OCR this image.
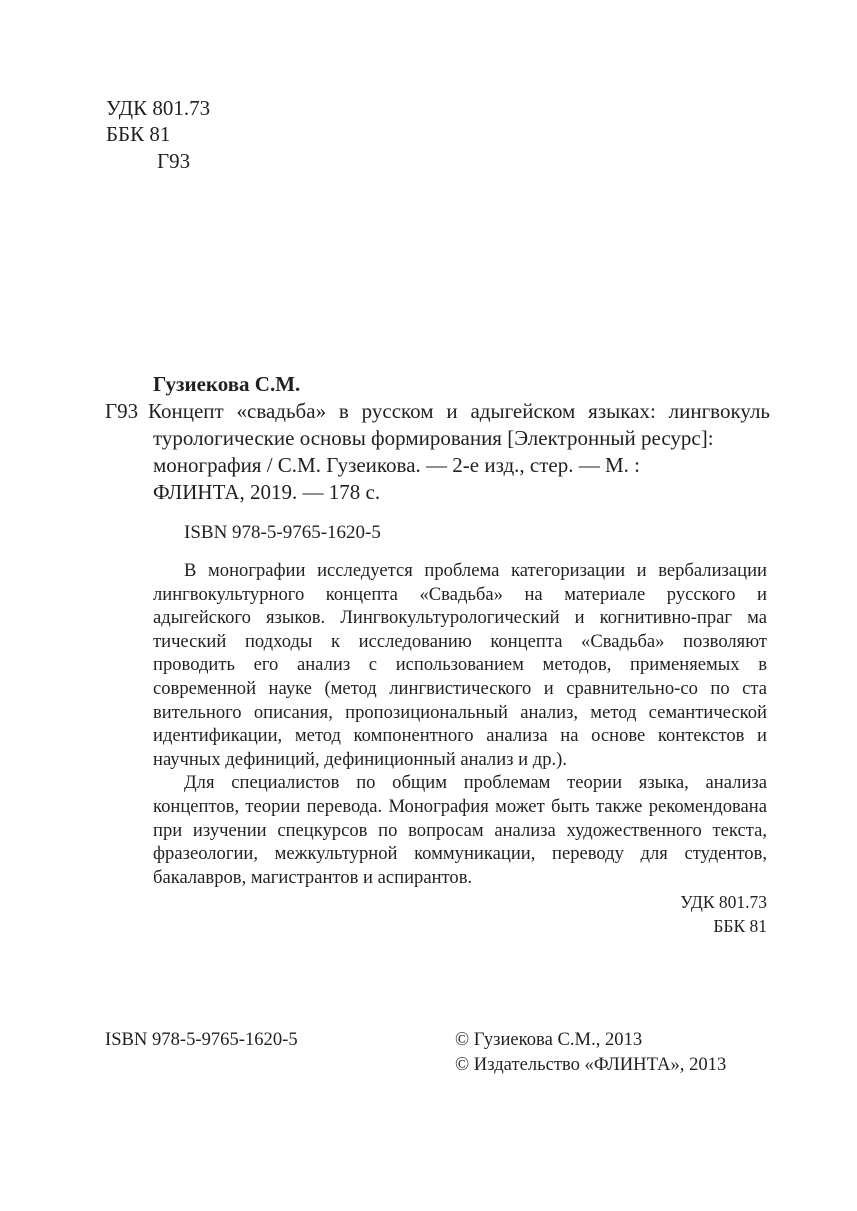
УДК 801.73
ББК 81
Г93
Гузиекова С.М.
Г93 Концепт «свадьба» в русском и адыгейском языках: лингвокуль
турологические основы формирования [Электронный ресурс]:
монография / С.М. Гузеикова. — 2-е изд., стер. — М. :
ФЛИНТА, 2019. — 178 с.
ISBN 978-5-9765-1620-5

В монографии исследуется проблема категоризации и вербализации лингвокультурного концепта «Свадьба» на материале русского и адыгейского языков. Лингвокультурологический и когнитивно-праг ма тический подходы к исследованию концепта «Свадьба» позволяют проводить его анализ с использованием методов, применяемых в современной науке (метод лингвистического и сравнительно-со по ста вительного описания, пропозициональный анализ, метод семантической идентификации, метод компонентного анализа на основе контекстов и научных дефиниций, дефиниционный анализ и др.).

Для специалистов по общим проблемам теории языка, анализа концептов, теории перевода. Монография может быть также рекомендована при изучении спецкурсов по вопросам анализа художественного текста, фразеологии, межкультурной коммуникации, переводу для студентов, бакалавров, магистрантов и аспирантов.

УДК 801.73
ББК 81
ISBN 978-5-9765-1620-5	© Гузиекова С.М., 2013
© Издательство «ФЛИНТА», 2013
